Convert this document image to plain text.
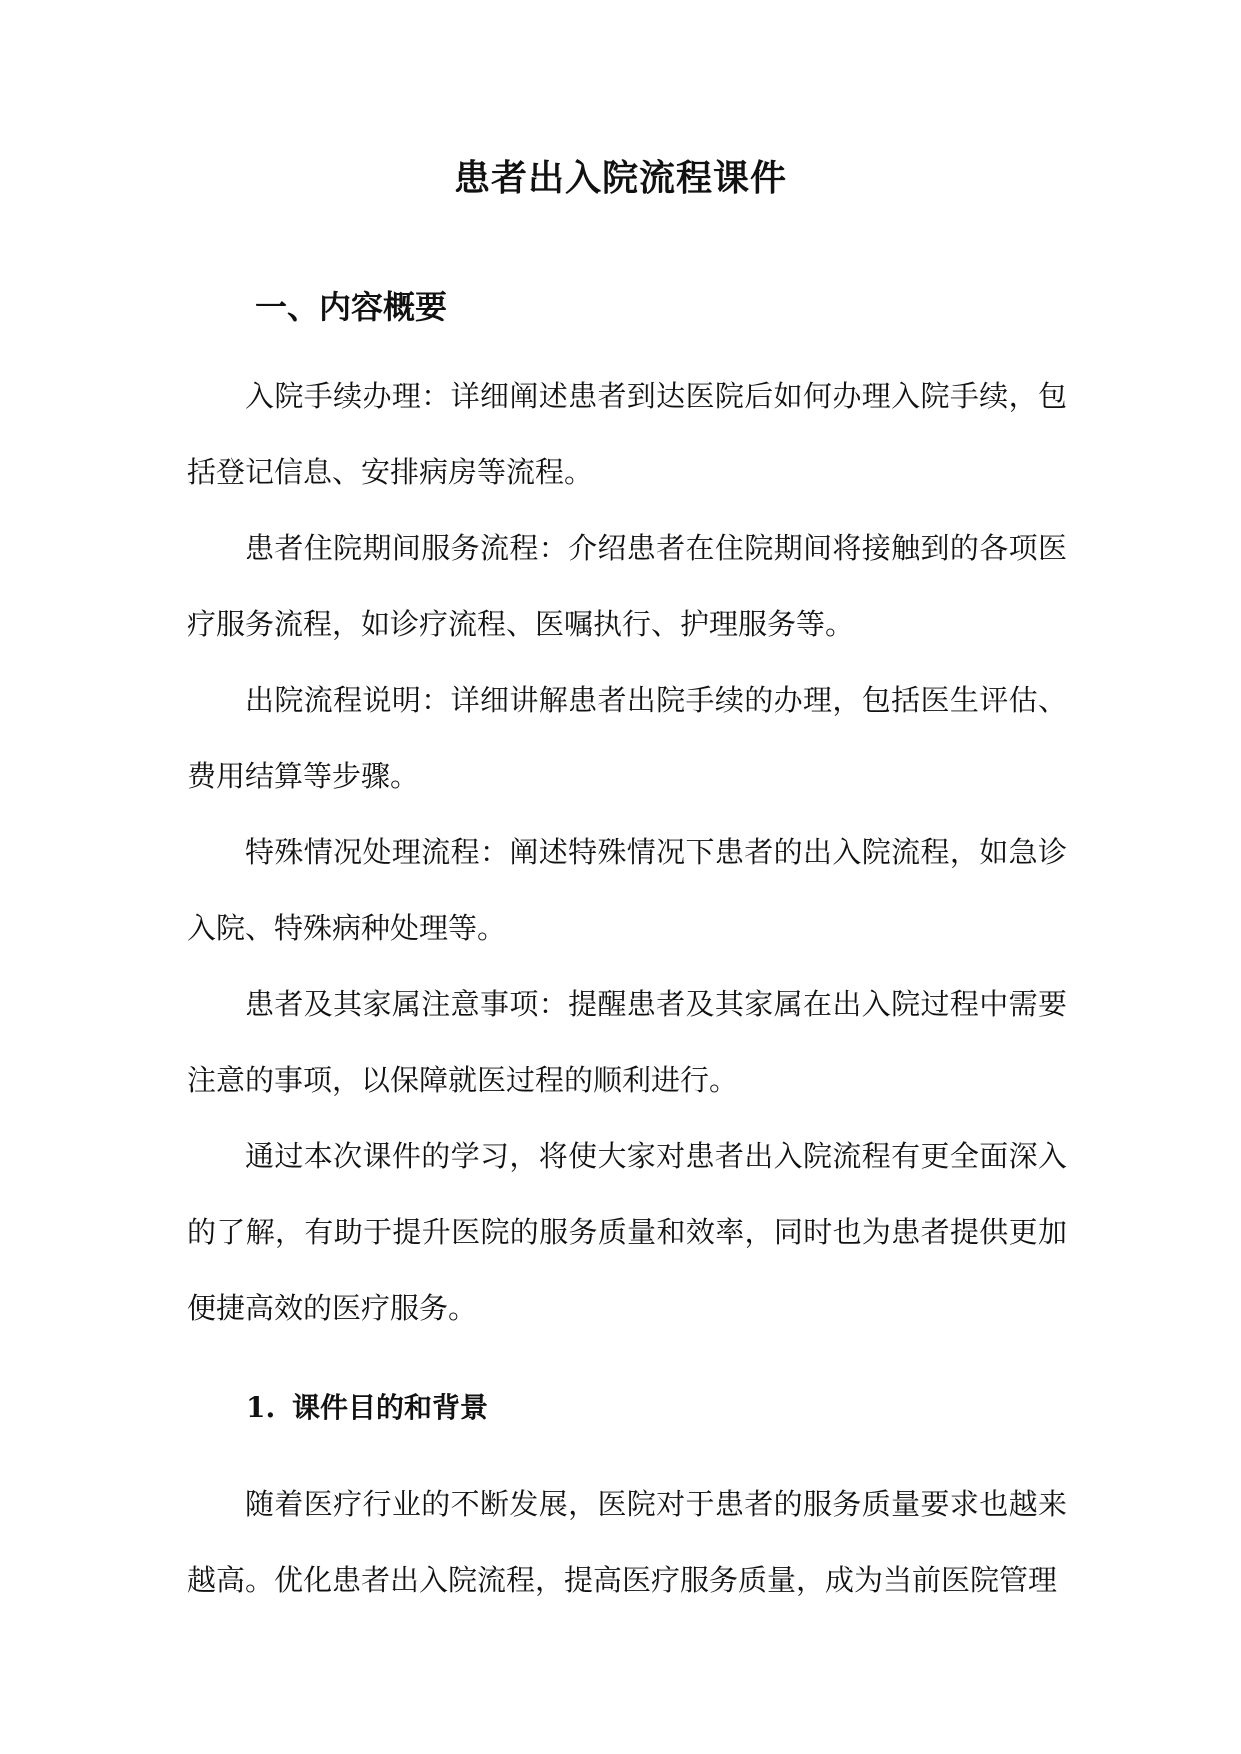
患者出入院流程课件
一、内容概要

入院手续办理：详细阐述患者到达医院后如何办理入院手续，包括登记信息、安排病房等流程。

患者住院期间服务流程：介绍患者在住院期间将接触到的各项医疗服务流程，如诊疗流程、医嘱执行、护理服务等。

出院流程说明：详细讲解患者出院手续的办理，包括医生评估、费用结算等步骤。

特殊情况处理流程：阐述特殊情况下患者的出入院流程，如急诊入院、特殊病种处理等。

患者及其家属注意事项：提醒患者及其家属在出入院过程中需要注意的事项，以保障就医过程的顺利进行。

通过本次课件的学习，将使大家对患者出入院流程有更全面深入的了解，有助于提升医院的服务质量和效率，同时也为患者提供更加便捷高效的医疗服务。

1. 课件目的和背景

随着医疗行业的不断发展，医院对于患者的服务质量要求也越来越高。优化患者出入院流程，提高医疗服务质量，成为当前医院管理
